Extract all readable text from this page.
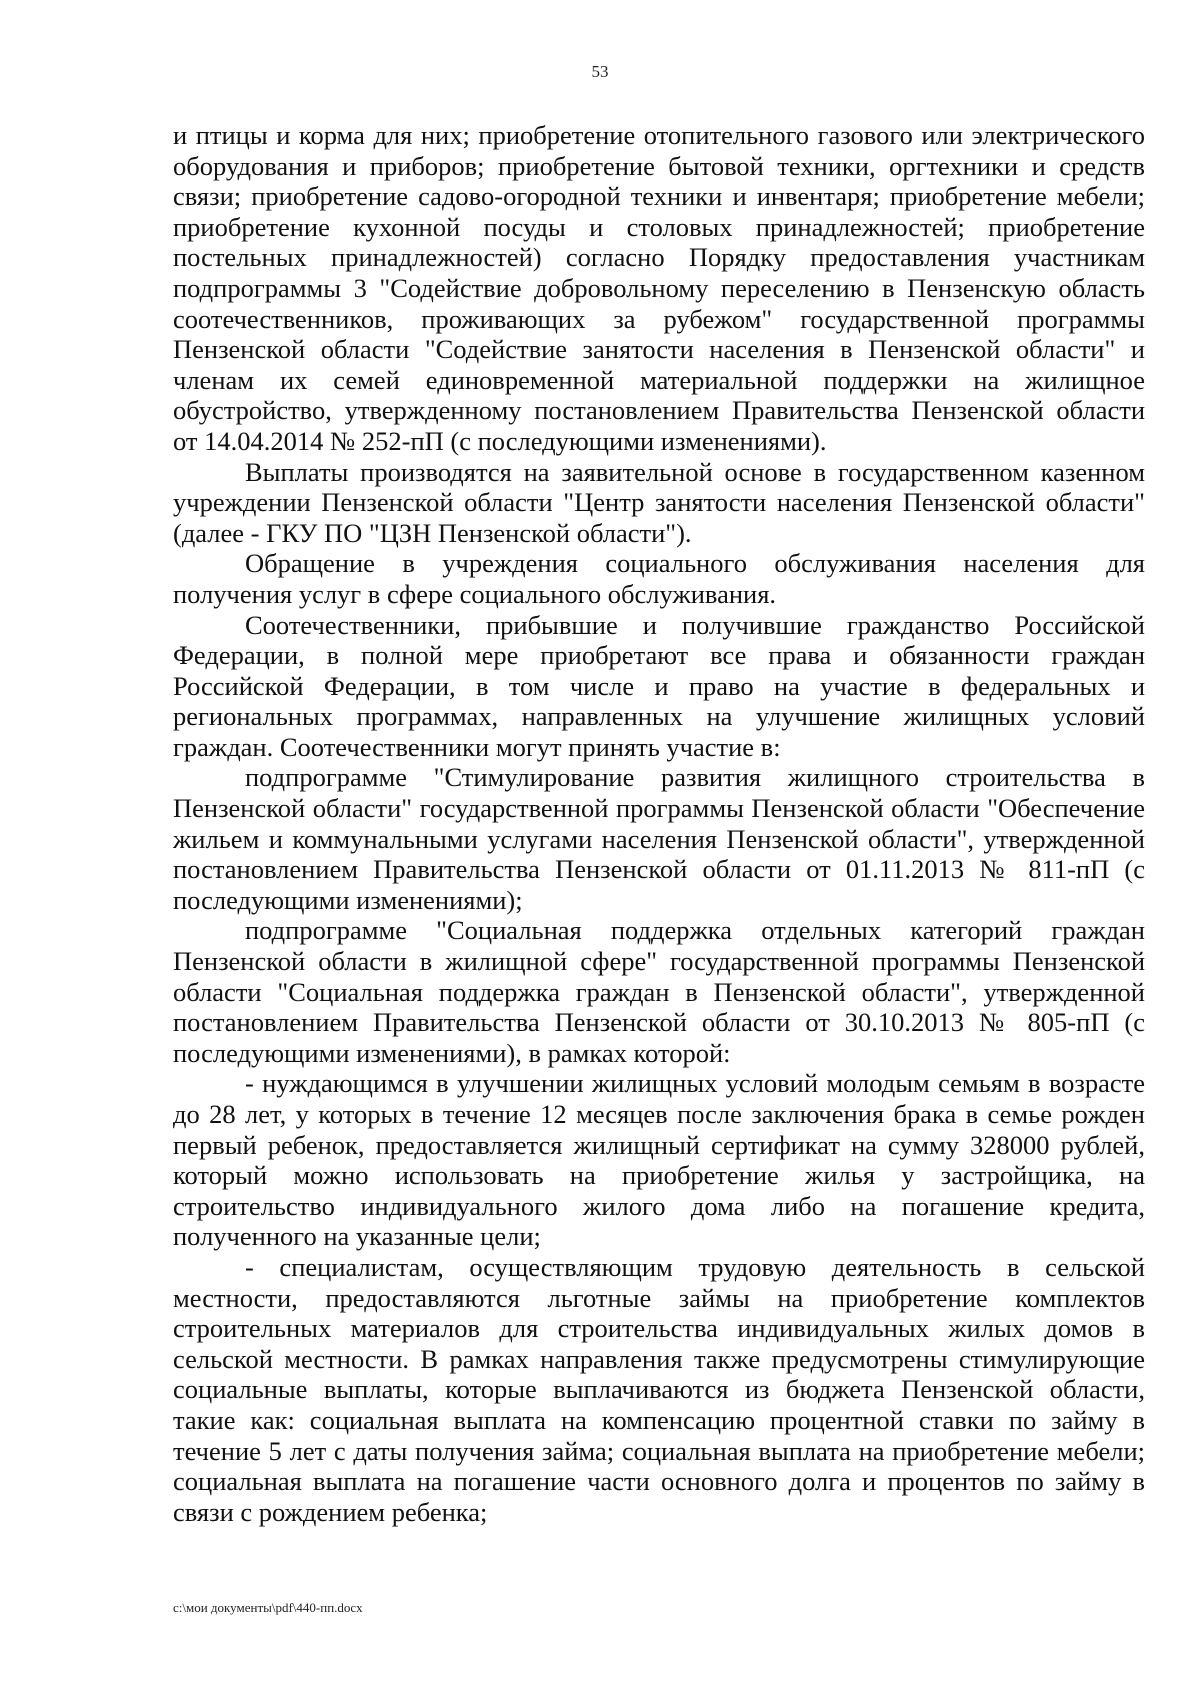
53

и птицы и корма для них; приобретение отопительного газового или электрического оборудования и приборов; приобретение бытовой техники, оргтехники и средств связи; приобретение садово-огородной техники и инвентаря; приобретение мебели; приобретение кухонной посуды и столовых принадлежностей; приобретение постельных принадлежностей) согласно Порядку предоставления участникам подпрограммы 3 "Содействие добровольному переселению в Пензенскую область соотечественников, проживающих за рубежом" государственной программы Пензенской области "Содействие занятости населения в Пензенской области" и членам их семей единовременной материальной поддержки на жилищное обустройство, утвержденному постановлением Правительства Пензенской области от 14.04.2014 № 252-пП (с последующими изменениями).

Выплаты производятся на заявительной основе в государственном казенном учреждении Пензенской области "Центр занятости населения Пензенской области" (далее - ГКУ ПО "ЦЗН Пензенской области").

Обращение в учреждения социального обслуживания населения для получения услуг в сфере социального обслуживания.

Соотечественники, прибывшие и получившие гражданство Российской Федерации, в полной мере приобретают все права и обязанности граждан Российской Федерации, в том числе и право на участие в федеральных и региональных программах, направленных на улучшение жилищных условий граждан. Соотечественники могут принять участие в:

подпрограмме "Стимулирование развития жилищного строительства в Пензенской области" государственной программы Пензенской области "Обеспечение жильем и коммунальными услугами населения Пензенской области", утвержденной постановлением Правительства Пензенской области от 01.11.2013 № 811-пП (с последующими изменениями);

подпрограмме "Социальная поддержка отдельных категорий граждан Пензенской области в жилищной сфере" государственной программы Пензенской области "Социальная поддержка граждан в Пензенской области", утвержденной постановлением Правительства Пензенской области от 30.10.2013 № 805-пП (с последующими изменениями), в рамках которой:

- нуждающимся в улучшении жилищных условий молодым семьям в возрасте до 28 лет, у которых в течение 12 месяцев после заключения брака в семье рожден первый ребенок, предоставляется жилищный сертификат на сумму 328000 рублей, который можно использовать на приобретение жилья у застройщика, на строительство индивидуального жилого дома либо на погашение кредита, полученного на указанные цели;

- специалистам, осуществляющим трудовую деятельность в сельской местности, предоставляются льготные займы на приобретение комплектов строительных материалов для строительства индивидуальных жилых домов в сельской местности. В рамках направления также предусмотрены стимулирующие социальные выплаты, которые выплачиваются из бюджета Пензенской области, такие как: социальная выплата на компенсацию процентной ставки по займу в течение 5 лет с даты получения займа; социальная выплата на приобретение мебели; социальная выплата на погашение части основного долга и процентов по займу в связи с рождением ребенка;

c:\мои документы\pdf\440-пп.docx
